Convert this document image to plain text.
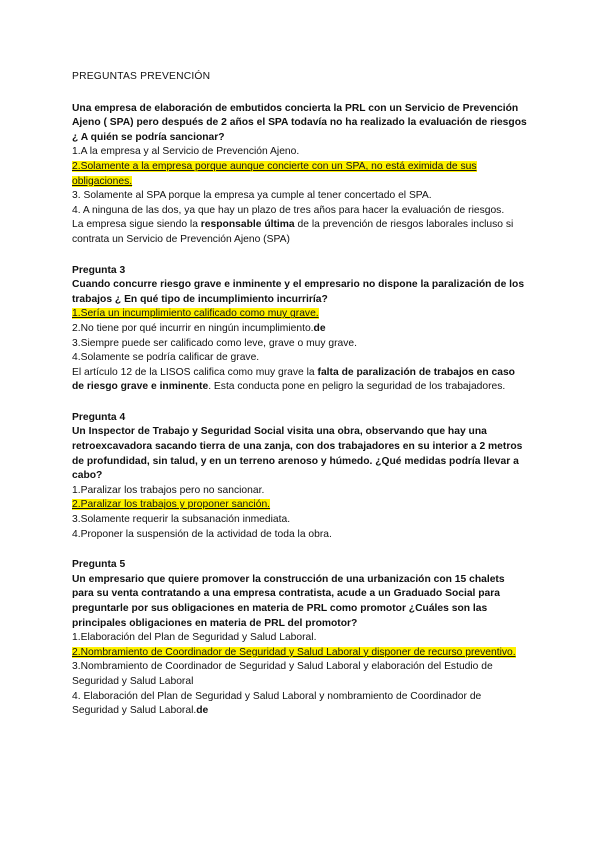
PREGUNTAS PREVENCIÓN

Una empresa de elaboración de embutidos concierta la PRL con un Servicio de Prevención Ajeno ( SPA) pero después de 2 años el SPA todavía no ha realizado la evaluación de riesgos ¿ A quién se podría sancionar?

1.A la empresa y al Servicio de Prevención Ajeno.

2.Solamente a la empresa porque aunque concierte con un SPA, no está eximida de sus obligaciones.

3. Solamente al SPA porque la empresa ya cumple al tener concertado el SPA.

4. A ninguna de las dos, ya que hay un plazo de tres años para hacer la evaluación de riesgos.

La empresa sigue siendo la responsable última de la prevención de riesgos laborales incluso si contrata un Servicio de Prevención Ajeno (SPA)

Pregunta 3

Cuando concurre riesgo grave e inminente y el empresario no dispone la paralización de los trabajos ¿ En qué tipo de incumplimiento incurriría?

1.Sería un incumplimiento calificado como muy grave.

2.No tiene por qué incurrir en ningún incumplimiento.de

3.Siempre puede ser calificado como leve, grave o muy grave.

4.Solamente se podría calificar de grave.

El artículo 12 de la LISOS califica como muy grave la falta de paralización de trabajos en caso de riesgo grave e inminente. Esta conducta pone en peligro la seguridad de los trabajadores.

Pregunta 4

Un Inspector de Trabajo y Seguridad Social visita una obra, observando que hay una retroexcavadora sacando tierra de una zanja, con dos trabajadores en su interior a 2 metros de profundidad, sin talud, y en un terreno arenoso y húmedo. ¿Qué medidas podría llevar a cabo?

1.Paralizar los trabajos pero no sancionar.

2.Paralizar los trabajos y proponer sanción.

3.Solamente requerir la subsanación inmediata.

4.Proponer la suspensión de la actividad de toda la obra.

Pregunta 5

Un empresario que quiere promover la construcción de una urbanización con 15 chalets para su venta contratando a una empresa contratista, acude a un Graduado Social para preguntarle por sus obligaciones en materia de PRL como promotor ¿Cuáles son las principales obligaciones en materia de PRL del promotor?

1.Elaboración del Plan de Seguridad y Salud Laboral.

2.Nombramiento de Coordinador de Seguridad y Salud Laboral y disponer de recurso preventivo.

3.Nombramiento de Coordinador de Seguridad y Salud Laboral y elaboración del Estudio de

Seguridad y Salud Laboral

4. Elaboración del Plan de Seguridad y Salud Laboral y nombramiento de Coordinador de Seguridad y Salud Laboral.de
